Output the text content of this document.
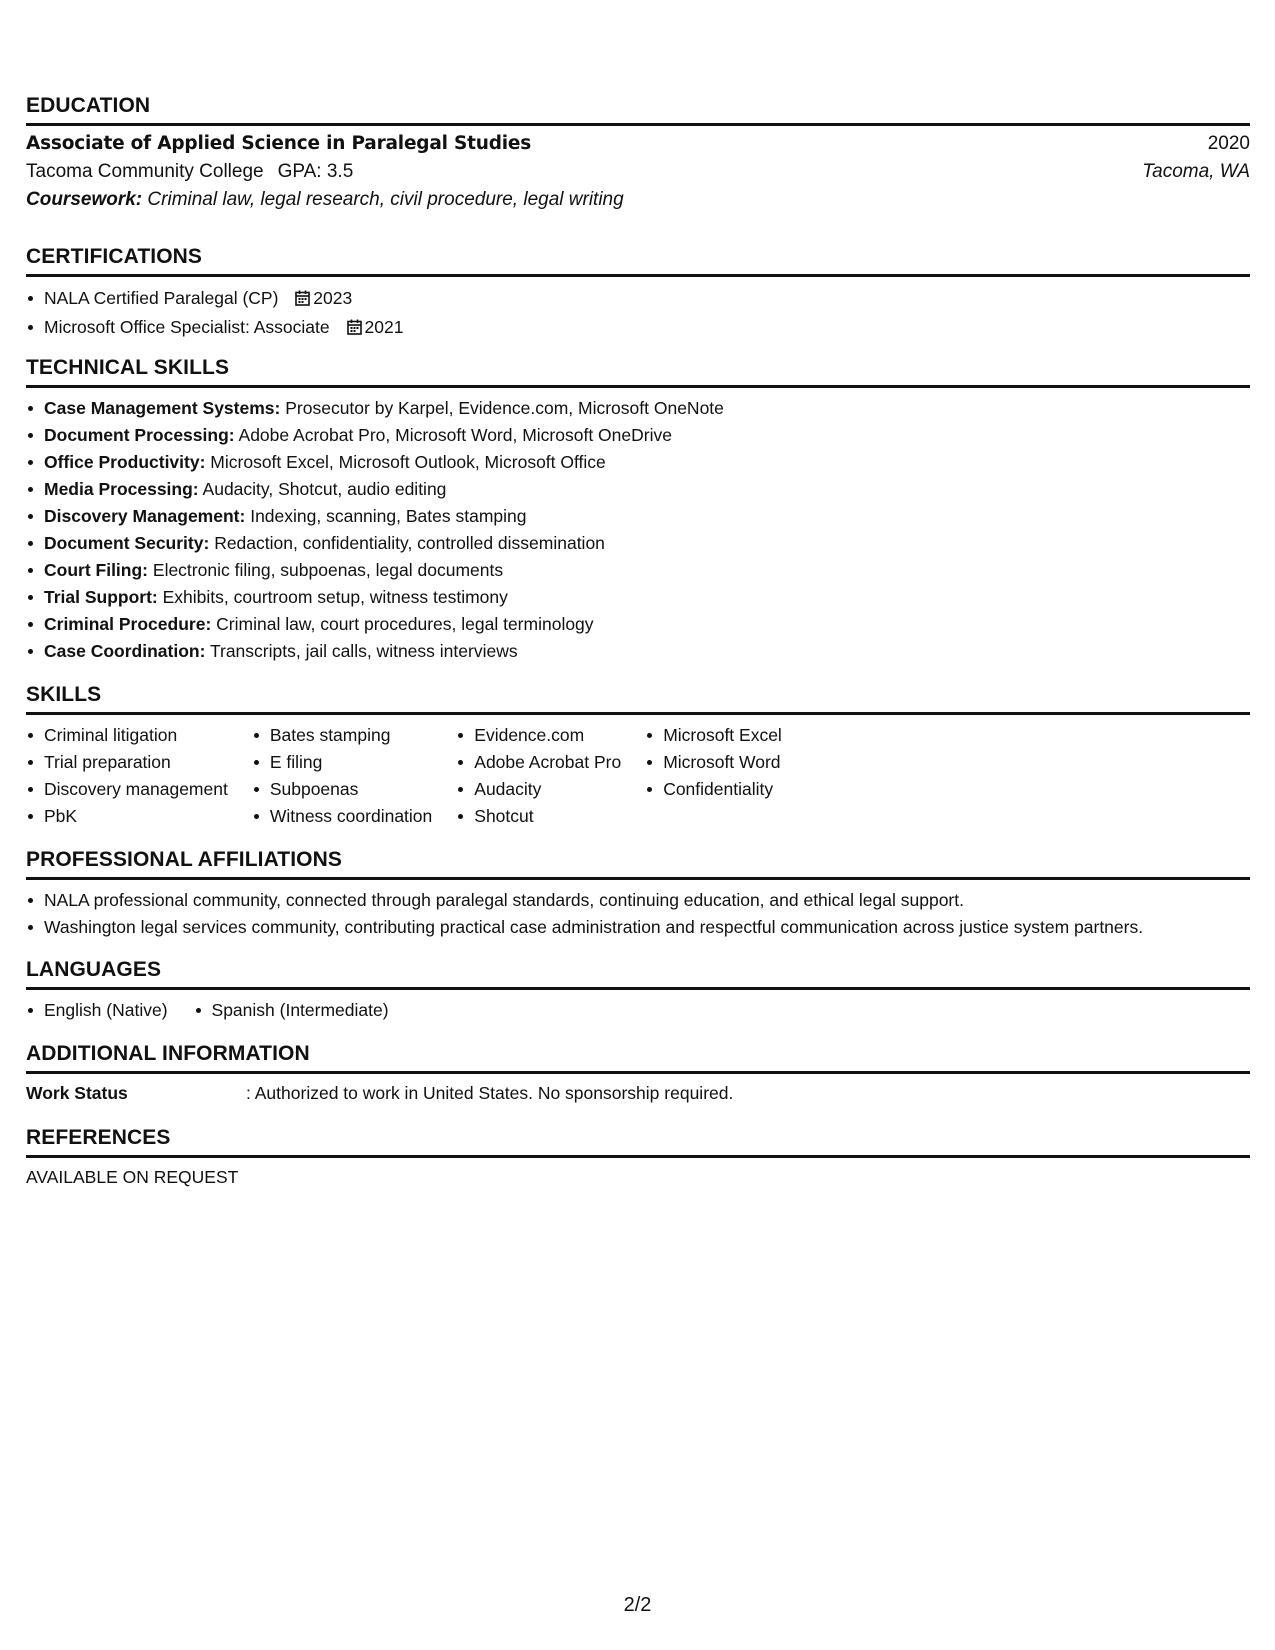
EDUCATION
Associate of Applied Science in Paralegal Studies	2020
Tacoma Community College GPA: 3.5	Tacoma, WA
Coursework: Criminal law, legal research, civil procedure, legal writing
CERTIFICATIONS
NALA Certified Paralegal (CP) 2023
Microsoft Office Specialist: Associate 2021
TECHNICAL SKILLS
Case Management Systems: Prosecutor by Karpel, Evidence.com, Microsoft OneNote
Document Processing: Adobe Acrobat Pro, Microsoft Word, Microsoft OneDrive
Office Productivity: Microsoft Excel, Microsoft Outlook, Microsoft Office
Media Processing: Audacity, Shotcut, audio editing
Discovery Management: Indexing, scanning, Bates stamping
Document Security: Redaction, confidentiality, controlled dissemination
Court Filing: Electronic filing, subpoenas, legal documents
Trial Support: Exhibits, courtroom setup, witness testimony
Criminal Procedure: Criminal law, court procedures, legal terminology
Case Coordination: Transcripts, jail calls, witness interviews
SKILLS
Criminal litigation
Trial preparation
Discovery management
PbK
Bates stamping
E filing
Subpoenas
Witness coordination
Evidence.com
Adobe Acrobat Pro
Audacity
Shotcut
Microsoft Excel
Microsoft Word
Confidentiality
PROFESSIONAL AFFILIATIONS
NALA professional community, connected through paralegal standards, continuing education, and ethical legal support.
Washington legal services community, contributing practical case administration and respectful communication across justice system partners.
LANGUAGES
English (Native)	Spanish (Intermediate)
ADDITIONAL INFORMATION
Work Status	: Authorized to work in United States. No sponsorship required.
REFERENCES
AVAILABLE ON REQUEST
2/2
